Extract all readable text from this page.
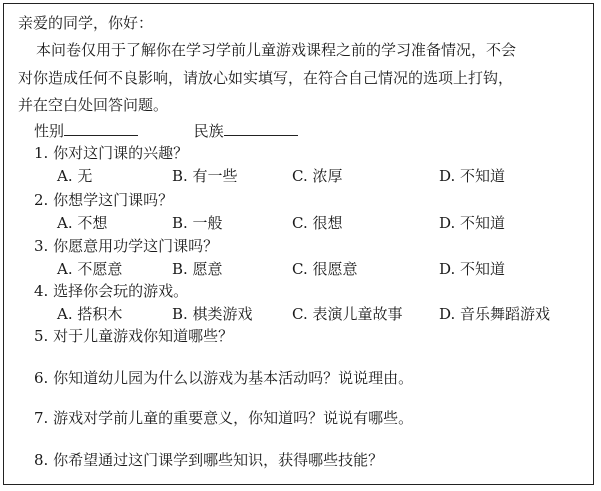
亲爱的同学，你好：
本问卷仅用于了解你在学习学前儿童游戏课程之前的学习准备情况，不会
对你造成任何不良影响，请放心如实填写，在符合自己情况的选项上打钩，
并在空白处回答问题。
性别	民族
1. 你对这门课的兴趣？
A. 无	B. 有一些	C. 浓厚	D. 不知道
2. 你想学这门课吗？
A. 不想	B. 一般	C. 很想	D. 不知道
3. 你愿意用功学这门课吗？
A. 不愿意	B. 愿意	C. 很愿意	D. 不知道
4. 选择你会玩的游戏。
A. 搭积木	B. 棋类游戏	C. 表演儿童故事 D. 音乐舞蹈游戏
5. 对于儿童游戏你知道哪些？
6. 你知道幼儿园为什么以游戏为基本活动吗？说说理由。
7. 游戏对学前儿童的重要意义，你知道吗？说说有哪些。
8. 你希望通过这门课学到哪些知识，获得哪些技能？
